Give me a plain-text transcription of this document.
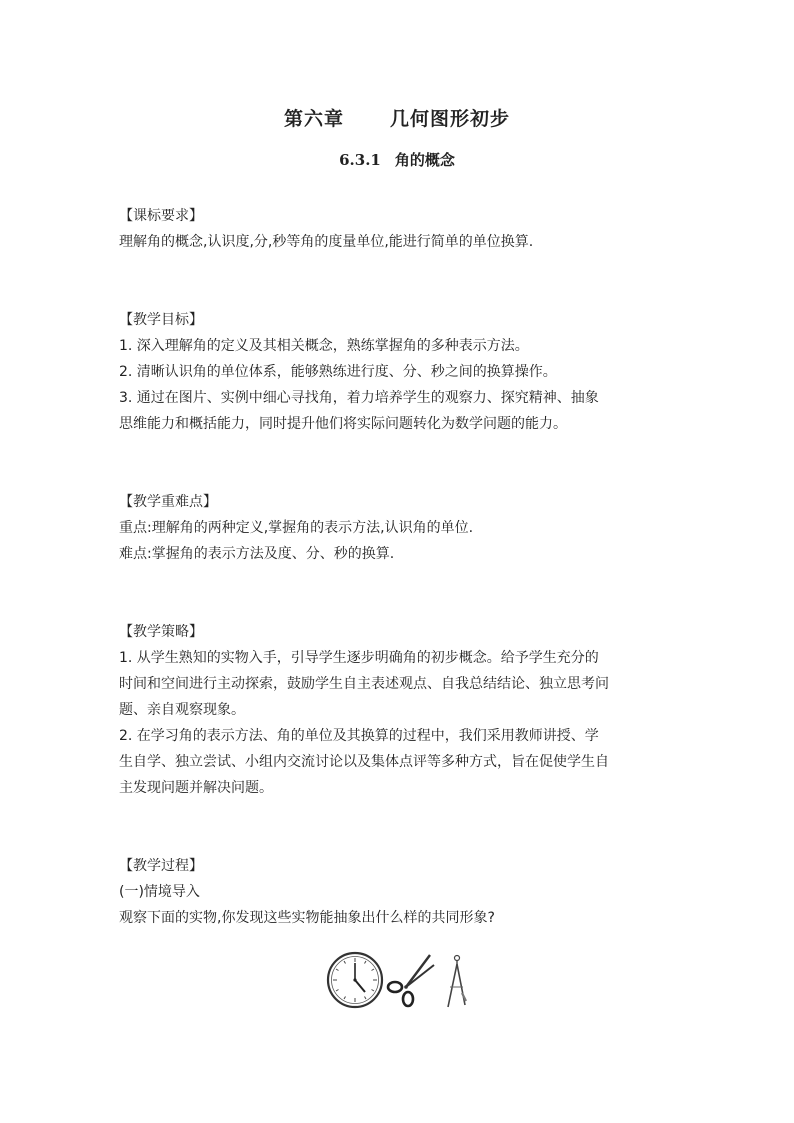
第六章 几何图形初步
6.3.1 角的概念

【课标要求】

理解角的概念,认识度,分,秒等角的度量单位,能进行简单的单位换算.

【教学目标】

1. 深入理解角的定义及其相关概念，熟练掌握角的多种表示方法。

2. 清晰认识角的单位体系，能够熟练进行度、分、秒之间的换算操作。

3. 通过在图片、实例中细心寻找角，着力培养学生的观察力、探究精神、抽象

思维能力和概括能力，同时提升他们将实际问题转化为数学问题的能力。

【教学重难点】

重点:理解角的两种定义,掌握角的表示方法,认识角的单位.

难点:掌握角的表示方法及度、分、秒的换算.

【教学策略】

1. 从学生熟知的实物入手，引导学生逐步明确角的初步概念。给予学生充分的

时间和空间进行主动探索，鼓励学生自主表述观点、自我总结结论、独立思考问

题、亲自观察现象。

2. 在学习角的表示方法、角的单位及其换算的过程中，我们采用教师讲授、学

生自学、独立尝试、小组内交流讨论以及集体点评等多种方式，旨在促使学生自

主发现问题并解决问题。

【教学过程】

(一)情境导入

观察下面的实物,你发现这些实物能抽象出什么样的共同形象?
